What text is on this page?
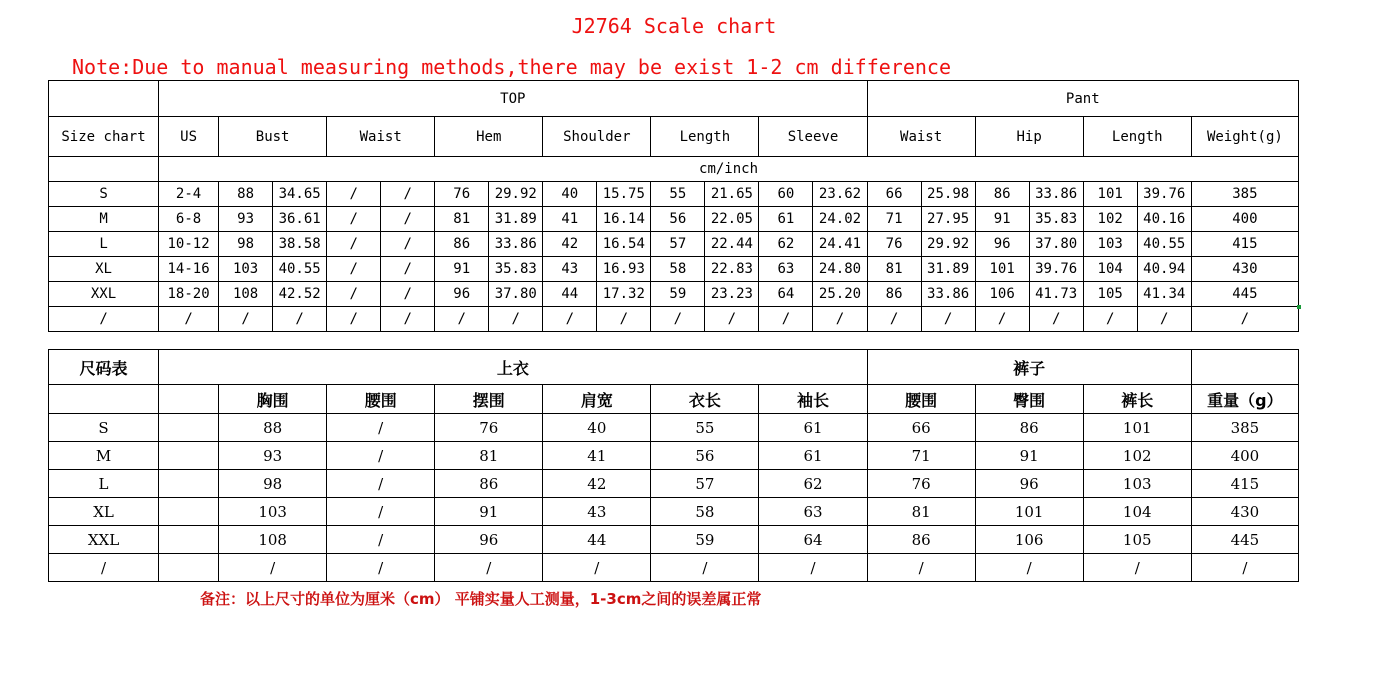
J2764 Scale chart
Note:Due to manual measuring methods,there may be exist 1-2 cm difference
	TOP													Pant						
Size chart	US	Bust		Waist		Hem		Shoulder		Length		Sleeve		Waist		Hip		Length		Weight(g)
	cm/inch																			
S	2-4	88	34.65	/	/	76	29.92	40	15.75	55	21.65	60	23.62	66	25.98	86	33.86	101	39.76	385
M	6-8	93	36.61	/	/	81	31.89	41	16.14	56	22.05	61	24.02	71	27.95	91	35.83	102	40.16	400
L	10-12	98	38.58	/	/	86	33.86	42	16.54	57	22.44	62	24.41	76	29.92	96	37.80	103	40.55	415
XL	14-16	103	40.55	/	/	91	35.83	43	16.93	58	22.83	63	24.80	81	31.89	101	39.76	104	40.94	430
XXL	18-20	108	42.52	/	/	96	37.80	44	17.32	59	23.23	64	25.20	86	33.86	106	41.73	105	41.34	445
/	/	/	/	/	/	/	/	/	/	/	/	/	/	/	/	/	/	/	/	/
尺码表	上衣							裤子			
		胸围	腰围	摆围	肩宽	衣长	袖长	腰围	臀围	裤长	重量（g）
S		88	/	76	40	55	61	66	86	101	385
M		93	/	81	41	56	61	71	91	102	400
L		98	/	86	42	57	62	76	96	103	415
XL		103	/	91	43	58	63	81	101	104	430
XXL		108	/	96	44	59	64	86	106	105	445
/		/	/	/	/	/	/	/	/	/	/
备注：以上尺寸的单位为厘米（cm） 平铺实量人工测量，1-3cm之间的误差属正常
